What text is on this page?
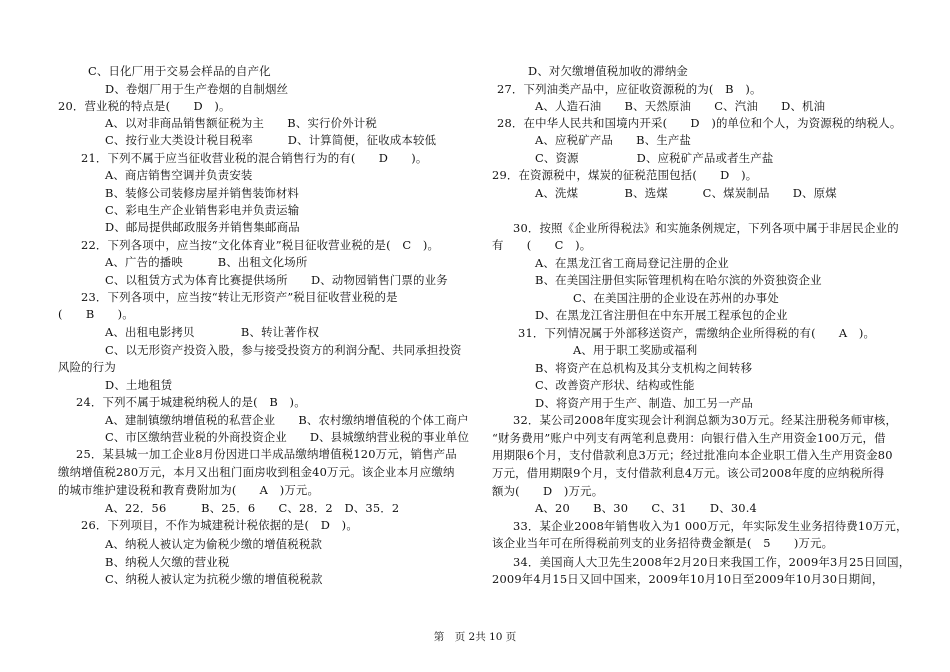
C、日化厂用于交易会样品的自产化
D、卷烟厂用于生产卷烟的自制烟丝
20．营业税的特点是(　　D　)。
A、以对非商品销售额征税为主　　B、实行价外计税
C、按行业大类设计税目税率　　　D、计算简便，征收成本较低
21．下列不属于应当征收营业税的混合销售行为的有(　　D　　)。
A、商店销售空调并负责安装
B、装修公司装修房屋并销售装饰材料
C、彩电生产企业销售彩电并负责运输
D、邮局提供邮政服务并销售集邮商品
22．下列各项中，应当按“文化体育业”税目征收营业税的是(　C　)。
A、广告的播映　　　B、出租文化场所
C、以租赁方式为体育比赛提供场所　　D、动物园销售门票的业务
23．下列各项中，应当按“转让无形资产”税目征收营业税的是
(　　B　　)。
A、出租电影拷贝　　　　B、转让著作权
C、以无形资产投资入股，参与接受投资方的利润分配、共同承担投资
风险的行为
D、土地租赁
24．下列不属于城建税纳税人的是(　B　)。
A、建制镇缴纳增值税的私营企业　　B、农村缴纳增值税的个体工商户
C、市区缴纳营业税的外商投资企业　　D、县城缴纳营业税的事业单位
25．某县城一加工企业8月份因进口半成品缴纳增值税120万元，销售产品
缴纳增值税280万元，本月又出租门面房收到租金40万元。该企业本月应缴纳
的城市维护建设税和教育费附加为(　　A　)万元。
A、22．56　　　B、25．6　　C、28．2　D、35．2
26．下列项目，不作为城建税计税依据的是(　D　)。
A、纳税人被认定为偷税少缴的增值税税款
B、纳税人欠缴的营业税
C、纳税人被认定为抗税少缴的增值税税款
D、对欠缴增值税加收的滞纳金
27．下列油类产品中，应征收资源税的为(　B　)。
A、人造石油　　B、天然原油　　C、汽油　　D、机油
28．在中华人民共和国境内开采(　　D　)的单位和个人，为资源税的纳税人。
A、应税矿产品　　B、生产盐
C、资源　　　　　D、应税矿产品或者生产盐
29．在资源税中，煤炭的征税范围包括(　　D　)。
A、洗煤　　　　B、选煤　　　C、煤炭制品　　D、原煤
30．按照《企业所得税法》和实施条例规定，下列各项中属于非居民企业的
有　　(　　C　)。
A、在黑龙江省工商局登记注册的企业
B、在美国注册但实际管理机构在哈尔滨的外资独资企业
C、在美国注册的企业设在苏州的办事处
D、在黑龙江省注册但在中东开展工程承包的企业
31．下列情况属于外部移送资产，需缴纳企业所得税的有(　　A　)。
A、用于职工奖励或福利
B、将资产在总机构及其分支机构之间转移
C、改善资产形状、结构或性能
D、将资产用于生产、制造、加工另一产品
32．某公司2008年度实现会计利润总额为30万元。经某注册税务师审核，
“财务费用”账户中列支有两笔利息费用：向银行借入生产用资金100万元，借
用期限6个月，支付借款利息3万元；经过批准向本企业职工借入生产用资金80
万元，借用期限9个月，支付借款利息4万元。该公司2008年度的应纳税所得
额为(　　D　)万元。
A、20　　B、30　　C、31　　D、30.4
33．某企业2008年销售收入为1 000万元，年实际发生业务招待费10万元，
该企业当年可在所得税前列支的业务招待费金额是(　5　　)万元。
34．美国商人大卫先生2008年2月20日来我国工作，2009年3月25日回国，
2009年4月15日又回中国来，2009年10月10日至2009年10月30日期间，
第　页 2共 10 页
